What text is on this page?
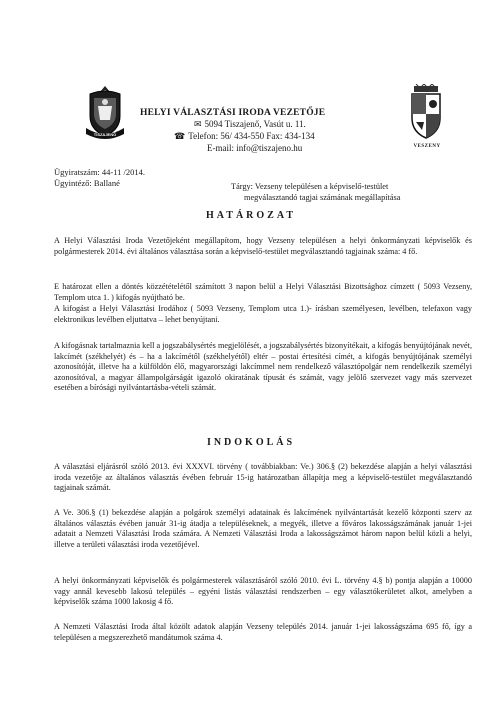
TISZAJENŐ
VESZENY
HELYI VÁLASZTÁSI IRODA VEZETŐJE
✉ 5094 Tiszajenő, Vasút u. 11.
☎ Telefon: 56/ 434-550 Fax: 434-134
E-mail: info@tiszajeno.hu
Ügyiratszám: 44-11 /2014.
Ügyintéző: Ballané	Tárgy: Vezseny településen a képviselő-testület
megválasztandó tagjai számának megállapítása
HATÁROZAT
A Helyi Választási Iroda Vezetőjeként megállapítom, hogy Vezseny településen a helyi önkormányzati képviselők és polgármesterek 2014. évi általános választása során a képviselő-testület megválasztandó tagjainak száma: 4 fő.
E határozat ellen a döntés közzétételétől számított 3 napon belül a Helyi Választási Bizottsághoz címzett ( 5093 Vezseny, Templom utca 1. ) kifogás nyújtható be.
A kifogást a Helyi Választási Irodához ( 5093 Vezseny, Templom utca 1.)- írásban személyesen, levélben, telefaxon vagy elektronikus levélben eljuttatva – lehet benyújtani.
A kifogásnak tartalmaznia kell a jogszabálysértés megjelölését, a jogszabálysértés bizonyítékait, a kifogás benyújtójának nevét, lakcímét (székhelyét) és – ha a lakcímétől (székhelyétől) eltér – postai értesítési címét, a kifogás benyújtójának személyi azonosítóját, illetve ha a külföldön élő, magyarországi lakcímmel nem rendelkező választópolgár nem rendelkezik személyi azonosítóval, a magyar állampolgárságát igazoló okiratának típusát és számát, vagy jelölő szervezet vagy más szervezet esetében a bírósági nyilvántartásba-vételi számát.
INDOKOLÁS
A választási eljárásról szóló 2013. évi XXXVI. törvény ( továbbiakban: Ve.) 306.§ (2) bekezdése alapján a helyi választási iroda vezetője az általános választás évében február 15-ig határozatban állapítja meg a képviselő-testület megválasztandó tagjainak számát.
A Ve. 306.§ (1) bekezdése alapján a polgárok személyi adatainak és lakcímének nyilvántartását kezelő központi szerv az általános választás évében január 31-ig átadja a településeknek, a megyék, illetve a főváros lakosságszámának január 1-jei adatait a Nemzeti Választási Iroda számára. A Nemzeti Választási Iroda a lakosságszámot három napon belül közli a helyi, illetve a területi választási iroda vezetőjével.
A helyi önkormányzati képviselők és polgármesterek választásáról szóló 2010. évi L. törvény 4.§ b) pontja alapján a 10000 vagy annál kevesebb lakosú település – egyéni listás választási rendszerben – egy választókerületet alkot, amelyben a képviselők száma 1000 lakosig 4 fő.
A Nemzeti Választási Iroda által közölt adatok alapján Vezseny település 2014. január 1-jei lakosságszáma 695 fő, így a településen a megszerezhető mandátumok száma 4.
